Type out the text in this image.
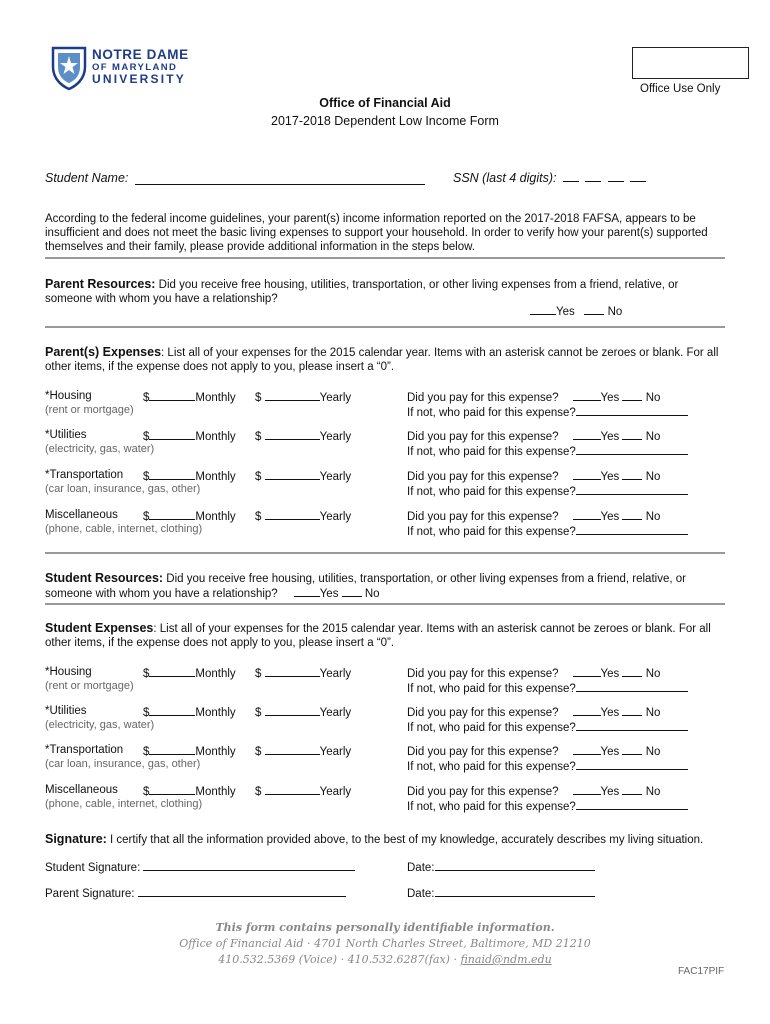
NOTRE DAME
OF MARYLAND
UNIVERSITY
Office Use Only
Office of Financial Aid
2017-2018 Dependent Low Income Form
Student Name:	SSN (last 4 digits):
According to the federal income guidelines, your parent(s) income information reported on the 2017-2018 FAFSA, appears to be insufficient and does not meet the basic living expenses to support your household. In order to verify how your parent(s) supported themselves and their family, please provide additional information in the steps below.
Parent Resources: Did you receive free housing, utilities, transportation, or other living expenses from a friend, relative, or someone with whom you have a relationship?
Yes	No
Parent(s) Expenses: List all of your expenses for the 2015 calendar year. Items with an asterisk cannot be zeroes or blank. For all other items, if the expense does not apply to you, please insert a “0”.
*Housing
(rent or mortgage)
$	Monthly $	Yearly	Did you pay for this expense?	Yes No
If not, who paid for this expense?
*Utilities
(electricity, gas, water)
$	Monthly $	Yearly	Did you pay for this expense?	Yes No
If not, who paid for this expense?
*Transportation
(car loan, insurance, gas, other)
$	Monthly $	Yearly	Did you pay for this expense?	Yes No
If not, who paid for this expense?
Miscellaneous
(phone, cable, internet, clothing)
$	Monthly $	Yearly	Did you pay for this expense?	Yes No
If not, who paid for this expense?
Student Resources: Did you receive free housing, utilities, transportation, or other living expenses from a friend, relative, or someone with whom you have a relationship?	Yes No
Student Expenses: List all of your expenses for the 2015 calendar year. Items with an asterisk cannot be zeroes or blank. For all other items, if the expense does not apply to you, please insert a “0”.
*Housing
(rent or mortgage)
$	Monthly $	Yearly	Did you pay for this expense?	Yes No
If not, who paid for this expense?
*Utilities
(electricity, gas, water)
$	Monthly $	Yearly	Did you pay for this expense?	Yes No
If not, who paid for this expense?
*Transportation
(car loan, insurance, gas, other)
$	Monthly $	Yearly	Did you pay for this expense?	Yes No
If not, who paid for this expense?
Miscellaneous
(phone, cable, internet, clothing)
$	Monthly $	Yearly	Did you pay for this expense?	Yes No
If not, who paid for this expense?
Signature: I certify that all the information provided above, to the best of my knowledge, accurately describes my living situation.
Student Signature:	Date:
Parent Signature:	Date:
This form contains personally identifiable information.
Office of Financial Aid · 4701 North Charles Street, Baltimore, MD 21210
410.532.5369 (Voice) · 410.532.6287(fax) · finaid@ndm.edu
FAC17PIF
